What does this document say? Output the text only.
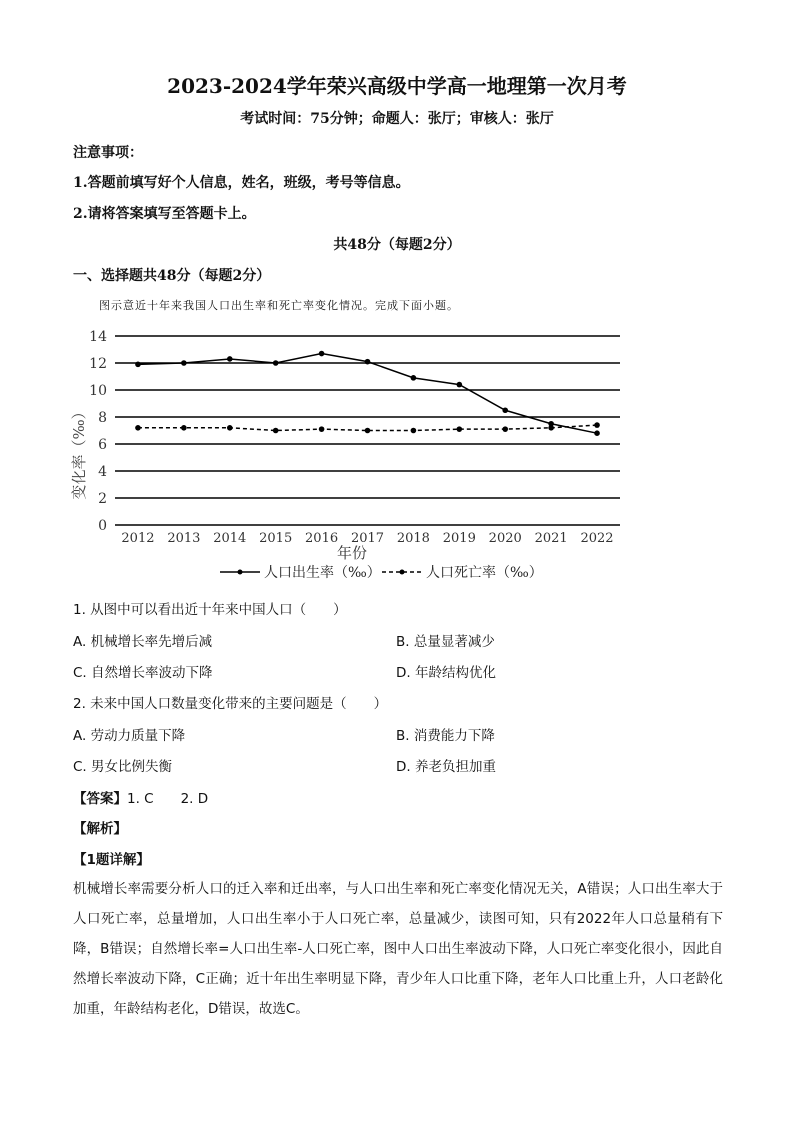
2023-2024学年荣兴高级中学高一地理第一次月考
考试时间：75分钟；命题人：张厅；审核人：张厅
注意事项：
1.答题前填写好个人信息，姓名，班级，考号等信息。
2.请将答案填写至答题卡上。
共48分（每题2分）
一、选择题共48分（每题2分）
图示意近十年来我国人口出生率和死亡率变化情况。完成下面小题。
0
2
4
6
8
10
12
14
2012 2013 2014 2015 2016 2017 2018 2019 2020 2021 2022
变化率（‰）
年份
人口出生率（‰）	人口死亡率（‰）
1. 从图中可以看出近十年来中国人口（　　）
A. 机械增长率先增后减	B. 总量显著减少
C. 自然增长率波动下降	D. 年龄结构优化
2. 未来中国人口数量变化带来的主要问题是（　　）
A. 劳动力质量下降	B. 消费能力下降
C. 男女比例失衡	D. 养老负担加重
【答案】1. C　　2. D
【解析】
【1题详解】
机械增长率需要分析人口的迁入率和迁出率，与人口出生率和死亡率变化情况无关，A错误；人口出生率大于人口死亡率，总量增加，人口出生率小于人口死亡率，总量减少，读图可知，只有2022年人口总量稍有下降，B错误；自然增长率=人口出生率-人口死亡率，图中人口出生率波动下降，人口死亡率变化很小，因此自然增长率波动下降，C正确；近十年出生率明显下降，青少年人口比重下降，老年人口比重上升，人口老龄化加重，年龄结构老化，D错误，故选C。
